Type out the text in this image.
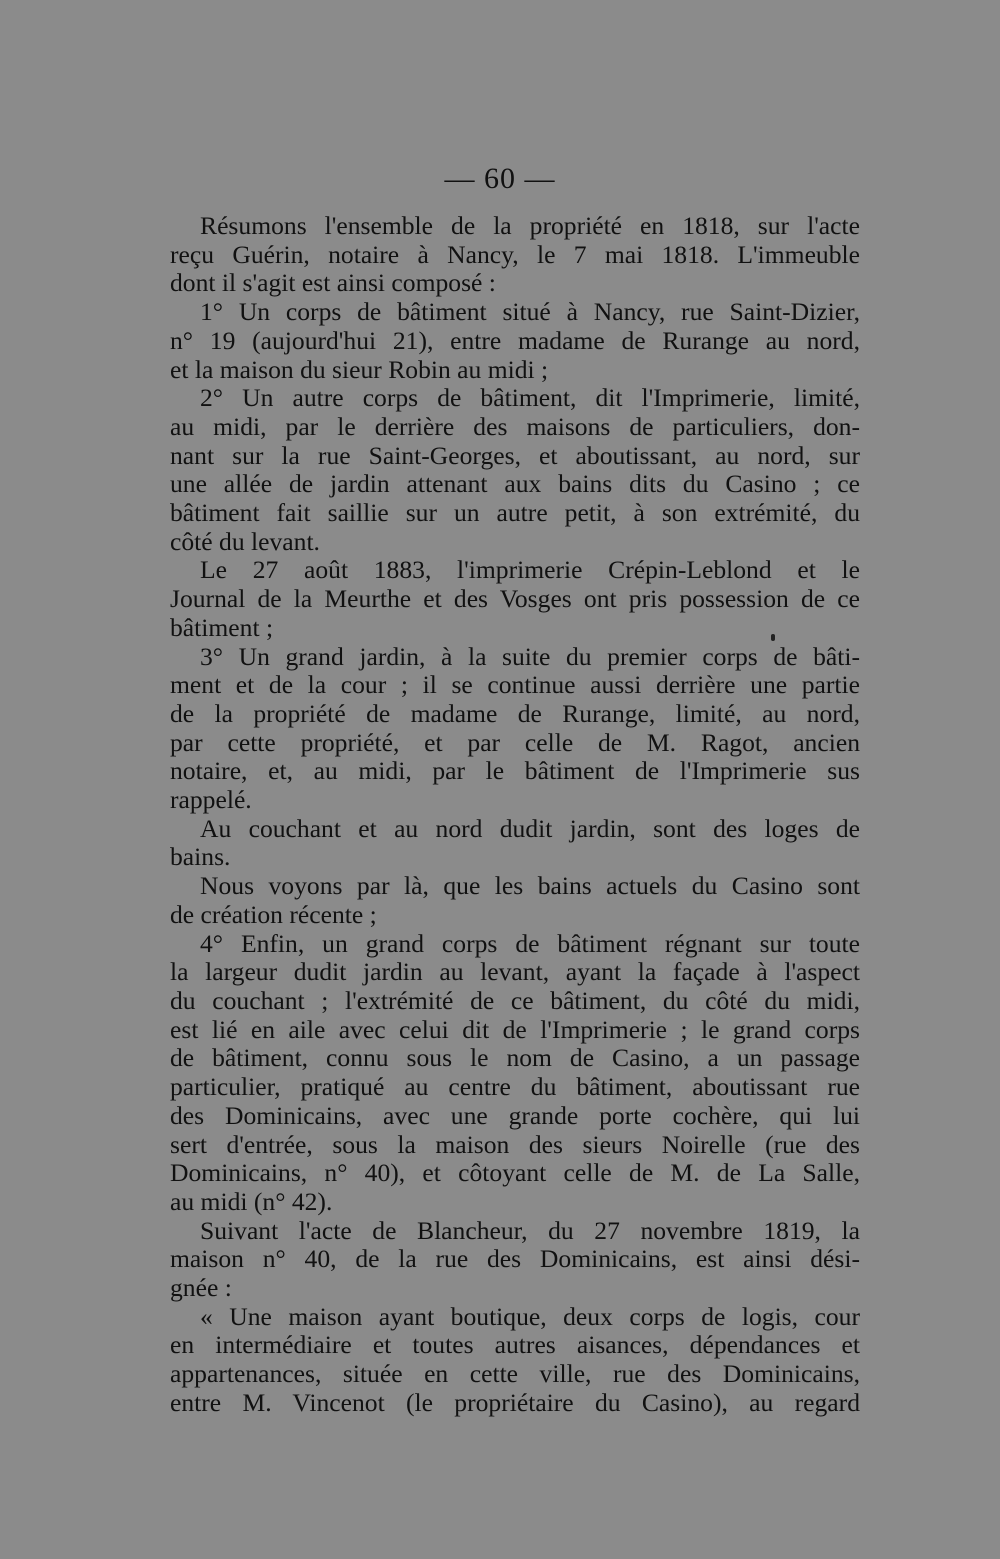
— 60 —

Résumons l'ensemble de la propriété en 1818, sur l'acte
reçu Guérin, notaire à Nancy, le 7 mai 1818. L'immeuble
dont il s'agit est ainsi composé :

1° Un corps de bâtiment situé à Nancy, rue Saint-Dizier,
n° 19 (aujourd'hui 21), entre madame de Rurange au nord,
et la maison du sieur Robin au midi ;

2° Un autre corps de bâtiment, dit l'Imprimerie, limité,
au midi, par le derrière des maisons de particuliers, don-
nant sur la rue Saint-Georges, et aboutissant, au nord, sur
une allée de jardin attenant aux bains dits du Casino ; ce
bâtiment fait saillie sur un autre petit, à son extrémité, du
côté du levant.

Le 27 août 1883, l'imprimerie Crépin-Leblond et le
Journal de la Meurthe et des Vosges ont pris possession de ce
bâtiment ;

3° Un grand jardin, à la suite du premier corps de bâti-
ment et de la cour ; il se continue aussi derrière une partie
de la propriété de madame de Rurange, limité, au nord,
par cette propriété, et par celle de M. Ragot, ancien
notaire, et, au midi, par le bâtiment de l'Imprimerie sus
rappelé.

Au couchant et au nord dudit jardin, sont des loges de
bains.

Nous voyons par là, que les bains actuels du Casino sont
de création récente ;

4° Enfin, un grand corps de bâtiment régnant sur toute
la largeur dudit jardin au levant, ayant la façade à l'aspect
du couchant ; l'extrémité de ce bâtiment, du côté du midi,
est lié en aile avec celui dit de l'Imprimerie ; le grand corps
de bâtiment, connu sous le nom de Casino, a un passage
particulier, pratiqué au centre du bâtiment, aboutissant rue
des Dominicains, avec une grande porte cochère, qui lui
sert d'entrée, sous la maison des sieurs Noirelle (rue des
Dominicains, n° 40), et côtoyant celle de M. de La Salle,
au midi (n° 42).

Suivant l'acte de Blancheur, du 27 novembre 1819, la
maison n° 40, de la rue des Dominicains, est ainsi dési-
gnée :

« Une maison ayant boutique, deux corps de logis, cour
en intermédiaire et toutes autres aisances, dépendances et
appartenances, située en cette ville, rue des Dominicains,
entre M. Vincenot (le propriétaire du Casino), au regard
